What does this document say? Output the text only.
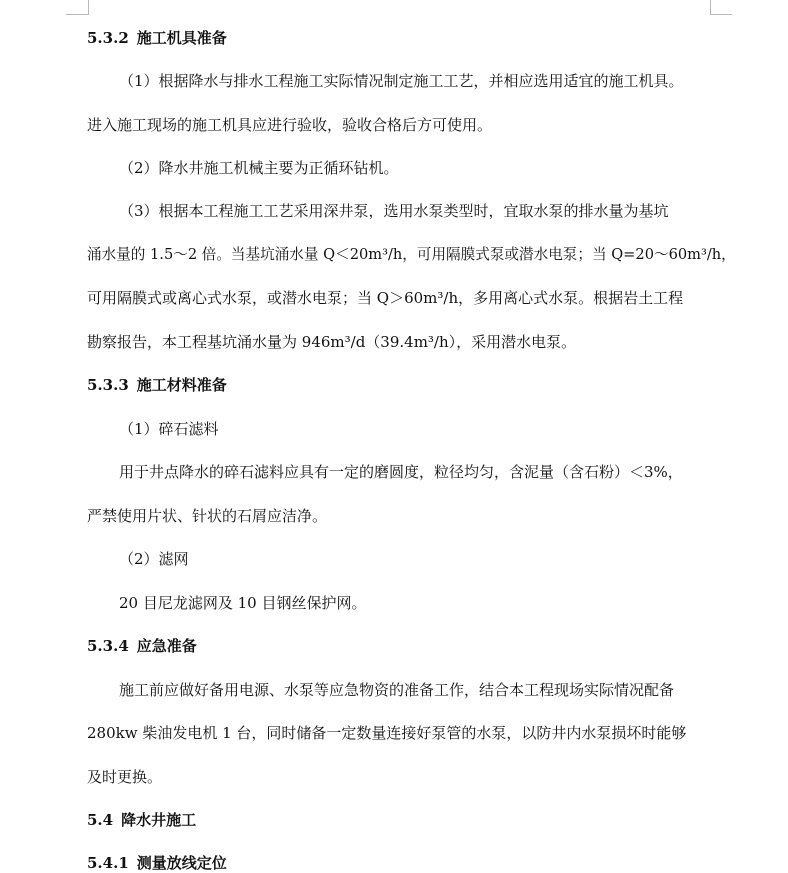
5.3.2 施工机具准备
（1）根据降水与排水工程施工实际情况制定施工工艺，并相应选用适宜的施工机具。
进入施工现场的施工机具应进行验收，验收合格后方可使用。
（2）降水井施工机械主要为正循环钻机。
（3）根据本工程施工工艺采用深井泵，选用水泵类型时，宜取水泵的排水量为基坑
涌水量的 1.5～2 倍。当基坑涌水量 Q＜20m³/h，可用隔膜式泵或潜水电泵；当 Q=20～60m³/h，
可用隔膜式或离心式水泵，或潜水电泵；当 Q＞60m³/h，多用离心式水泵。根据岩土工程
勘察报告，本工程基坑涌水量为 946m³/d（39.4m³/h），采用潜水电泵。
5.3.3 施工材料准备
（1）碎石滤料
用于井点降水的碎石滤料应具有一定的磨圆度，粒径均匀，含泥量（含石粉）＜3%，
严禁使用片状、针状的石屑应洁净。
（2）滤网
20 目尼龙滤网及 10 目钢丝保护网。
5.3.4 应急准备
施工前应做好备用电源、水泵等应急物资的准备工作，结合本工程现场实际情况配备
280kw 柴油发电机 1 台，同时储备一定数量连接好泵管的水泵，以防井内水泵损坏时能够
及时更换。
5.4 降水井施工
5.4.1 测量放线定位
